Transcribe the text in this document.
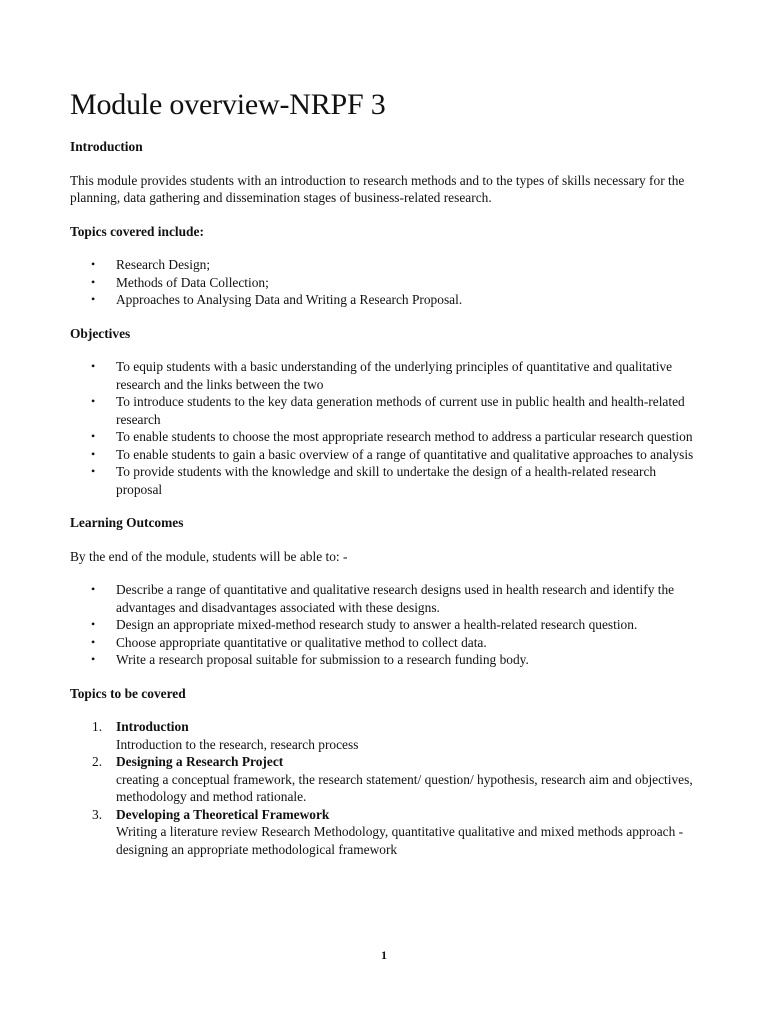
Module overview-NRPF 3
Introduction

This module provides students with an introduction to research methods and to the types of skills necessary for the planning, data gathering and dissemination stages of business-related research.

Topics covered include:
• Research Design;
• Methods of Data Collection;
• Approaches to Analysing Data and Writing a Research Proposal.
Objectives
• To equip students with a basic understanding of the underlying principles of quantitative and qualitative research and the links between the two
• To introduce students to the key data generation methods of current use in public health and health-related research
• To enable students to choose the most appropriate research method to address a particular research question
• To enable students to gain a basic overview of a range of quantitative and qualitative approaches to analysis
• To provide students with the knowledge and skill to undertake the design of a health-related research proposal
Learning Outcomes

By the end of the module, students will be able to: -

• Describe a range of quantitative and qualitative research designs used in health research and identify the advantages and disadvantages associated with these designs.
• Design an appropriate mixed-method research study to answer a health-related research question.
• Choose appropriate quantitative or qualitative method to collect data.
• Write a research proposal suitable for submission to a research funding body.
Topics to be covered
1. Introduction
Introduction to the research, research process
2. Designing a Research Project
creating a conceptual framework, the research statement/ question/ hypothesis, research aim and objectives, methodology and method rationale.
3. Developing a Theoretical Framework
Writing a literature review Research Methodology, quantitative qualitative and mixed methods approach - designing an appropriate methodological framework
1
